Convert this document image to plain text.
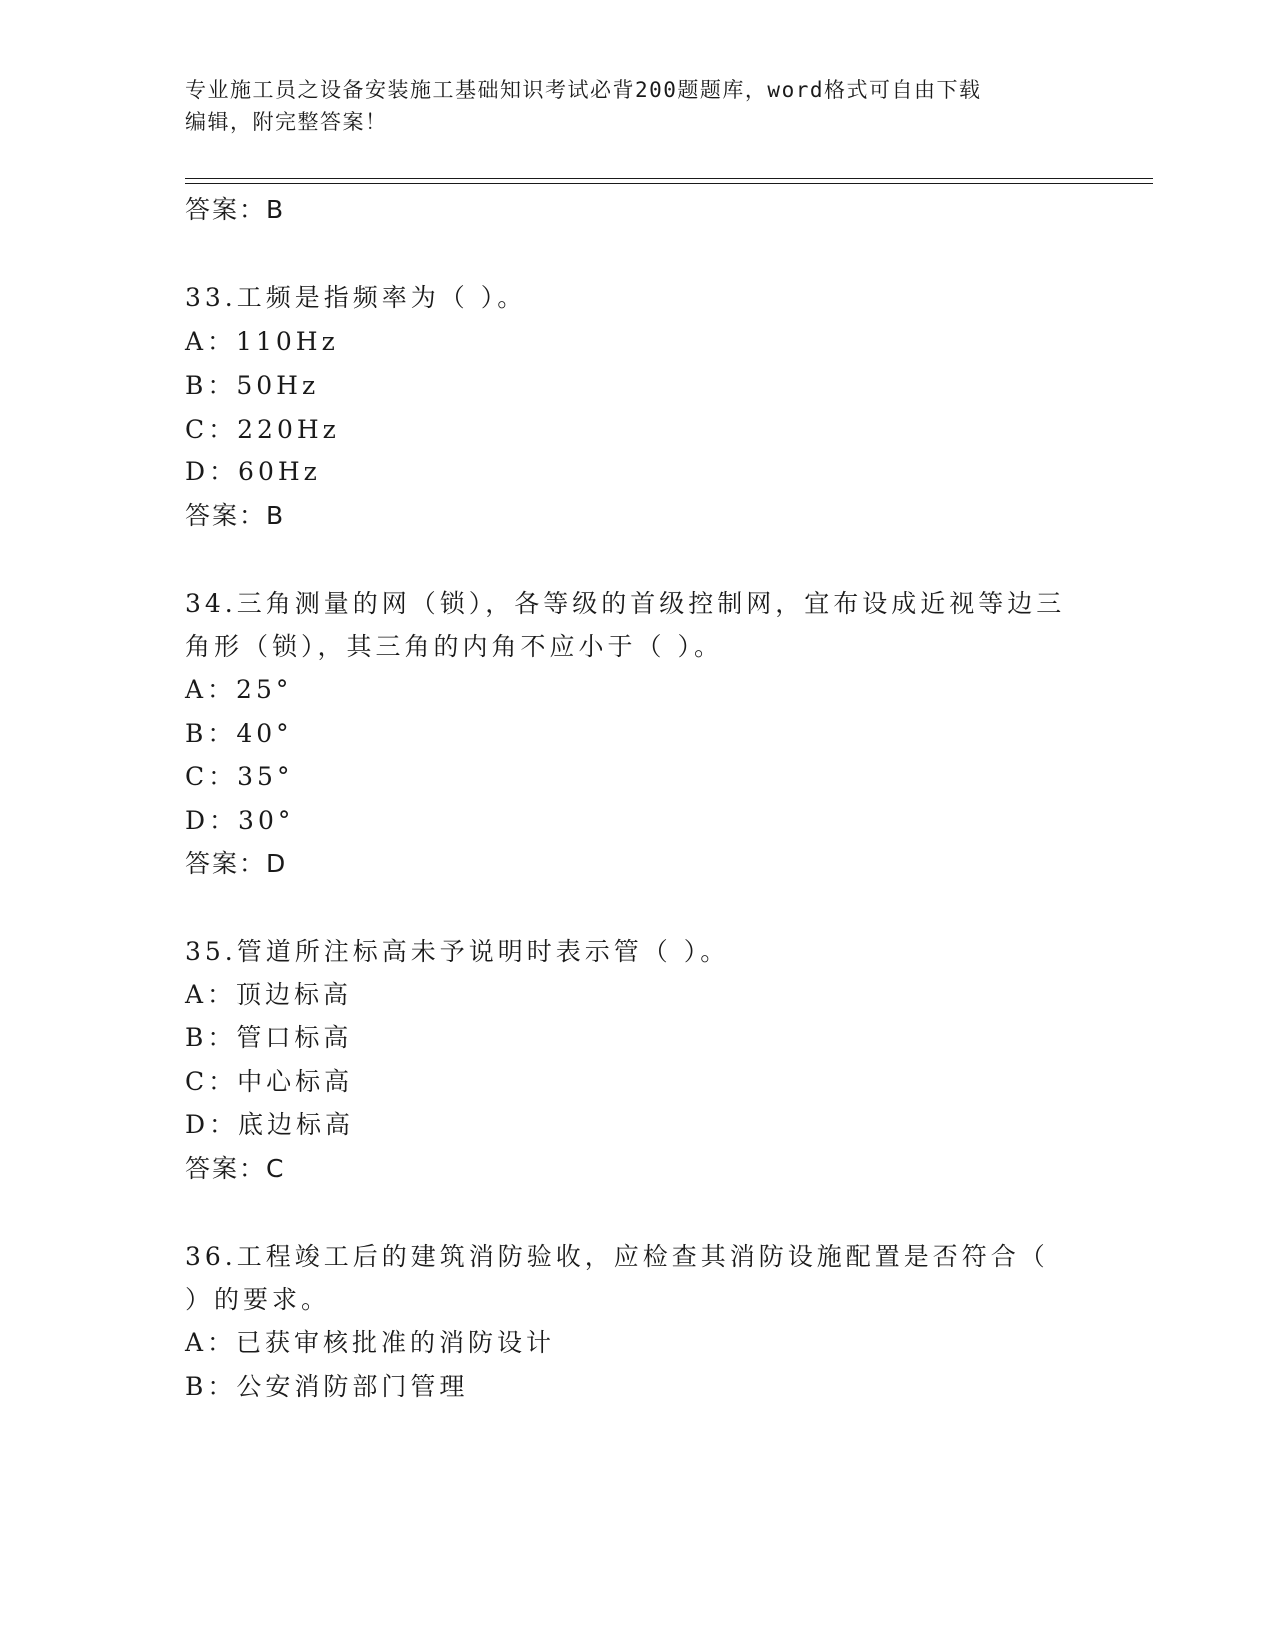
专业施工员之设备安装施工基础知识考试必背200题题库，word格式可自由下载
编辑，附完整答案！
答案：B
33.工频是指频率为（ ）。
A：110Hz
B：50Hz
C：220Hz
D：60Hz
答案：B
34.三角测量的网（锁），各等级的首级控制网，宜布设成近视等边三
角形（锁），其三角的内角不应小于（ ）。
A：25°
B：40°
C：35°
D：30°
答案：D
35.管道所注标高未予说明时表示管（ ）。
A：顶边标高
B：管口标高
C：中心标高
D：底边标高
答案：C
36.工程竣工后的建筑消防验收，应检查其消防设施配置是否符合（
）的要求。
A：已获审核批准的消防设计
B：公安消防部门管理
